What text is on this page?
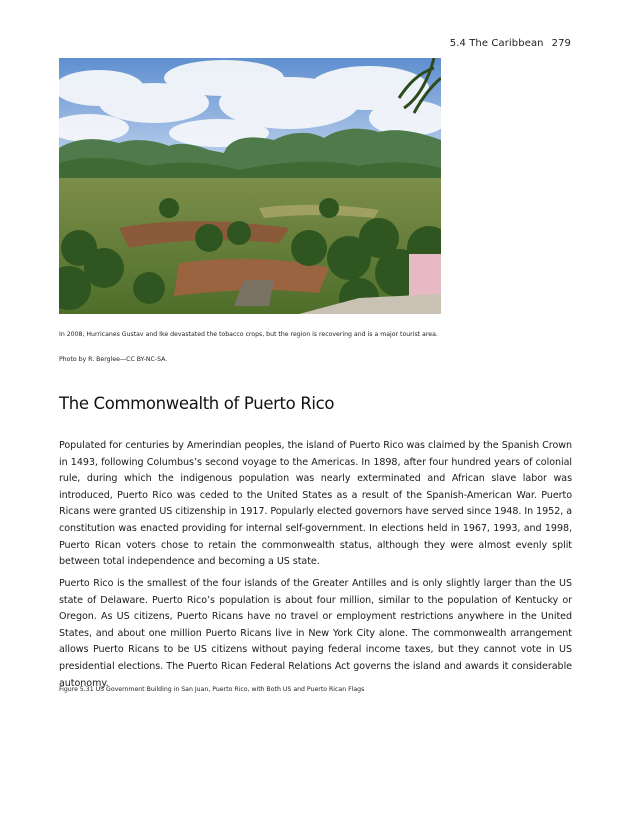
5.4 The Caribbean 279
In 2008, Hurricanes Gustav and Ike devastated the tobacco crops, but the region is recovering and is a major tourist area.
Photo by R. Berglee—CC BY-NC-SA.
The Commonwealth of Puerto Rico

Populated for centuries by Amerindian peoples, the island of Puerto Rico was claimed by the Spanish Crown in 1493, following Columbus’s second voyage to the Americas. In 1898, after four hundred years of colonial rule, during which the indigenous population was nearly exterminated and African slave labor was introduced, Puerto Rico was ceded to the United States as a result of the Spanish-American War. Puerto Ricans were granted US citizenship in 1917. Popularly elected governors have served since 1948. In 1952, a constitution was enacted providing for internal self-government. In elections held in 1967, 1993, and 1998, Puerto Rican voters chose to retain the commonwealth status, although they were almost evenly split between total independence and becoming a US state.

Puerto Rico is the smallest of the four islands of the Greater Antilles and is only slightly larger than the US state of Delaware. Puerto Rico’s population is about four million, similar to the population of Kentucky or Oregon. As US citizens, Puerto Ricans have no travel or employment restrictions anywhere in the United States, and about one million Puerto Ricans live in New York City alone. The commonwealth arrangement allows Puerto Ricans to be US citizens without paying federal income taxes, but they cannot vote in US presidential elections. The Puerto Rican Federal Relations Act governs the island and awards it considerable autonomy.

Figure 5.31 US Government Building in San Juan, Puerto Rico, with Both US and Puerto Rican Flags
